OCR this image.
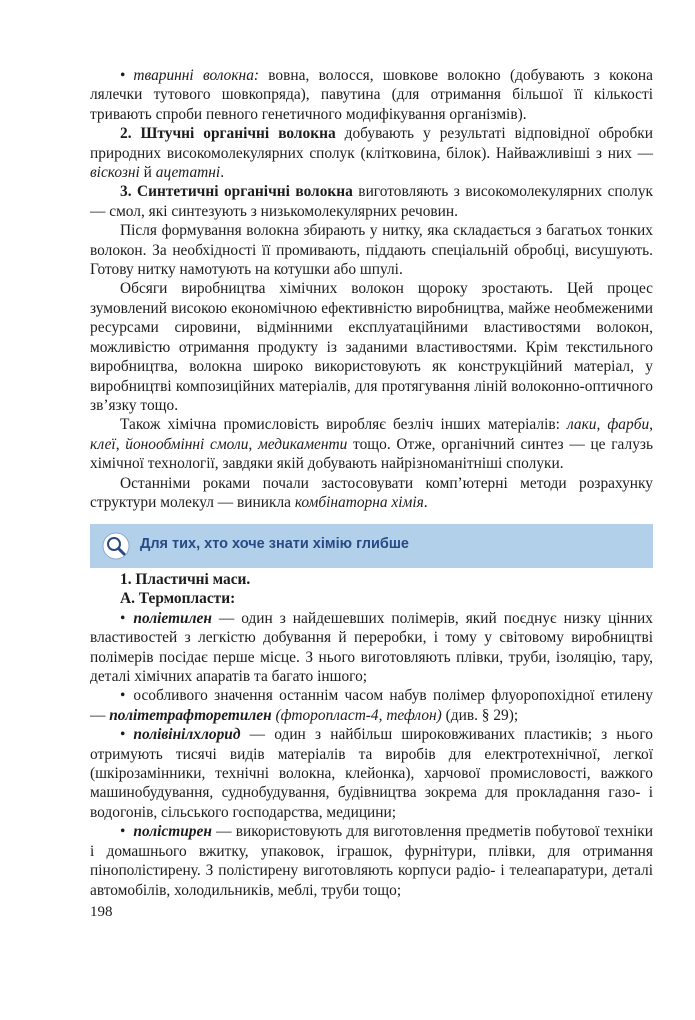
• тваринні волокна: вовна, волосся, шовкове волокно (добувають з кокона лялечки тутового шовкопряда), павутина (для отримання більшої її кількості тривають спроби певного генетичного модифікування організмів).

2. Штучні органічні волокна добувають у результаті відповідної обробки природних високомолекулярних сполук (клітковина, білок). Найважливіші з них — віскозні й ацетатні.

3. Синтетичні органічні волокна виготовляють з високомолекулярних сполук — смол, які синтезують з низькомолекулярних речовин.

Після формування волокна збирають у нитку, яка складається з багатьох тонких волокон. За необхідності її промивають, піддають спеціальній обробці, висушують. Готову нитку намотують на котушки або шпулі.

Обсяги виробництва хімічних волокон щороку зростають. Цей процес зумовлений високою економічною ефективністю виробництва, майже необмеженими ресурсами сировини, відмінними експлуатаційними властивостями волокон, можливістю отримання продукту із заданими властивостями. Крім текстильного виробництва, волокна широко використовують як конструкційний матеріал, у виробництві композиційних матеріалів, для протягування ліній волоконно-оптичного зв’язку тощо.

Також хімічна промисловість виробляє безліч інших матеріалів: лаки, фарби, клеї, йонообмінні смоли, медикаменти тощо. Отже, органічний синтез — це галузь хімічної технології, завдяки якій добувають найрізноманітніші сполуки.

Останніми роками почали застосовувати комп’ютерні методи розрахунку структури молекул — виникла комбінаторна хімія.

Для тих, хто хоче знати хімію глибше

1. Пластичні маси.

А. Термопласти:

• поліетилен — один з найдешевших полімерів, який поєднує низку цінних властивостей з легкістю добування й переробки, і тому у світовому виробництві полімерів посідає перше місце. З нього виготовляють плівки, труби, ізоляцію, тару, деталі хімічних апаратів та багато іншого;

• особливого значення останнім часом набув полімер флуоропохідної етилену — політетрафторетилен (фторопласт-4, тефлон) (див. § 29);

• полівінілхлорид — один з найбільш широковживаних пластиків; з нього отримують тисячі видів матеріалів та виробів для електротехнічної, легкої (шкірозамінники, технічні волокна, клейонка), харчової промисловості, важкого машинобудування, суднобудування, будівництва зокрема для прокладання газо- і водогонів, сільського господарства, медицини;

• полістирен — використовують для виготовлення предметів побутової техніки і домашнього вжитку, упаковок, іграшок, фурнітури, плівки, для отримання пінополістирену. З полістирену виготовляють корпуси радіо- і телеапаратури, деталі автомобілів, холодильників, меблі, труби тощо;

198
